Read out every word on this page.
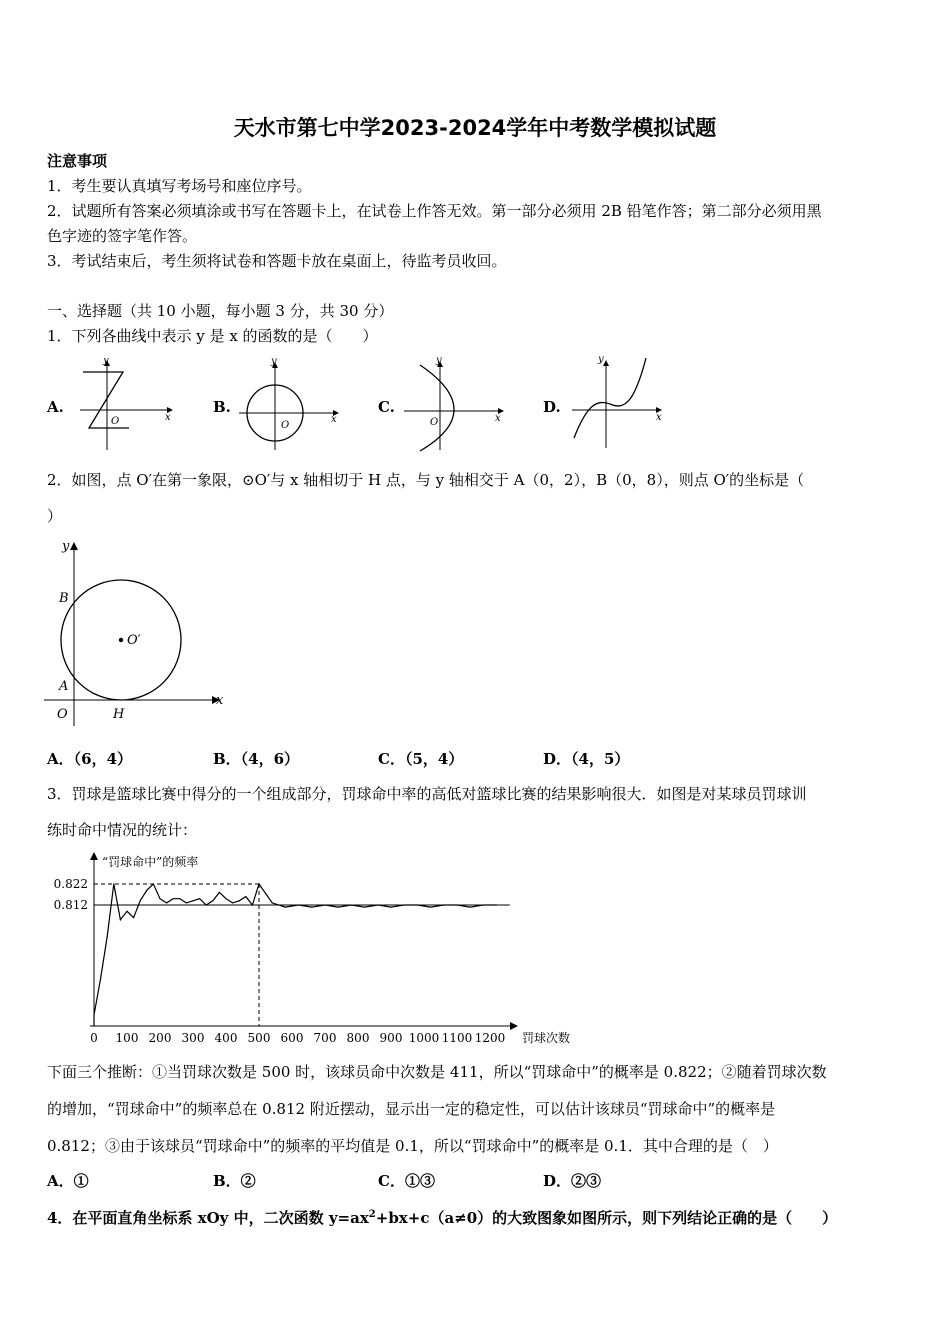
天水市第七中学2023-2024学年中考数学模拟试题
注意事项
1．考生要认真填写考场号和座位序号。
2．试题所有答案必须填涂或书写在答题卡上，在试卷上作答无效。第一部分必须用 2B 铅笔作答；第二部分必须用黑
色字迹的签字笔作答。
3．考试结束后，考生须将试卷和答题卡放在桌面上，待监考员收回。
一、选择题（共 10 小题，每小题 3 分，共 30 分）
1．下列各曲线中表示 y 是 x 的函数的是（　　）
A.
y
x
O
B.
y
x
O
C.
y
x
O
D.
y
x
2．如图，点 O′在第一象限，⊙O′与 x 轴相切于 H 点，与 y 轴相交于 A（0，2），B（0，8），则点 O′的坐标是（
）
y
x
B
A
O	H
O′
A．（6，4）	B．（4，6）	C．（5，4）	D．（4，5）
3．罚球是篮球比赛中得分的一个组成部分，罚球命中率的高低对篮球比赛的结果影响很大．如图是对某球员罚球训
练时命中情况的统计：
“罚球命中”的频率
罚球次数
0 100 200 300 400 500 600 700 800 900 1000 1100 1200
0.812
0.822
下面三个推断：①当罚球次数是 500 时，该球员命中次数是 411，所以“罚球命中”的概率是 0.822；②随着罚球次数
的增加，“罚球命中”的频率总在 0.812 附近摆动，显示出一定的稳定性，可以估计该球员“罚球命中”的概率是
0.812；③由于该球员“罚球命中”的频率的平均值是 0.1，所以“罚球命中”的概率是 0.1．其中合理的是（　）
A．①	B．②	C．①③	D．②③
4．在平面直角坐标系 xOy 中，二次函数 $y=ax^2+bx+c(a\ne 0)$的大致图象如图所示，则下列结论正确的是（　　）
